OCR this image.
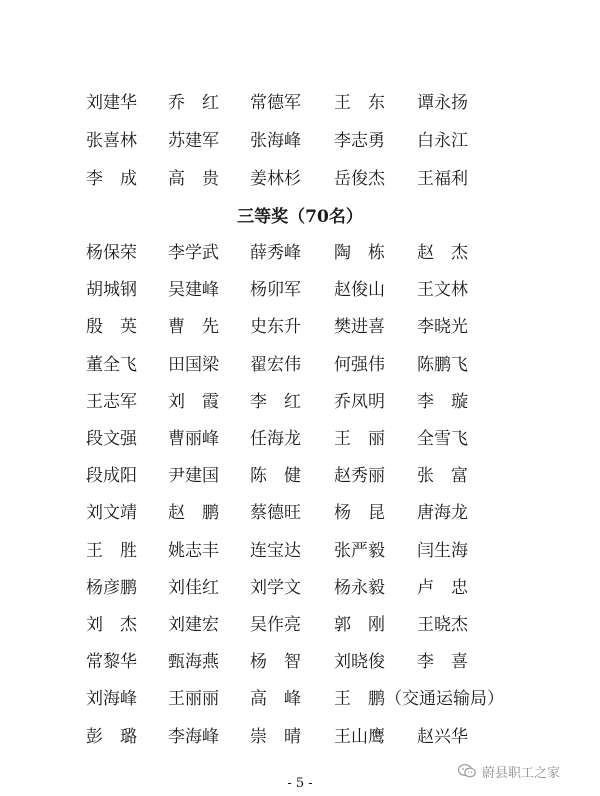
刘建华 乔　红 常德军 王　东 谭永扬
张喜林 苏建军 张海峰 李志勇 白永江
李　成 高　贵 姜林杉 岳俊杰 王福利
三等奖（70名）
杨保荣 李学武 薛秀峰 陶　栋 赵　杰
胡城钢 吴建峰 杨卯军 赵俊山 王文林
殷　英 曹　先 史东升 樊进喜 李晓光
董全飞 田国梁 翟宏伟 何强伟 陈鹏飞
王志军 刘　霞 李　红 乔凤明 李　璇
段文强 曹丽峰 任海龙 王　丽 全雪飞
段成阳 尹建国 陈　健 赵秀丽 张　富
刘文靖 赵　鹏 蔡德旺 杨　昆 唐海龙
王　胜 姚志丰 连宝达 张严毅 闫生海
杨彦鹏 刘佳红 刘学文 杨永毅 卢　忠
刘　杰 刘建宏 吴作亮 郭　刚 王晓杰
常黎华 甄海燕 杨　智 刘晓俊 李　喜
刘海峰 王丽丽 高　峰 王　鹏（交通运输局）
彭　璐 李海峰 崇　晴 王山鹰 赵兴华
蔚县职工之家
- 5 -
